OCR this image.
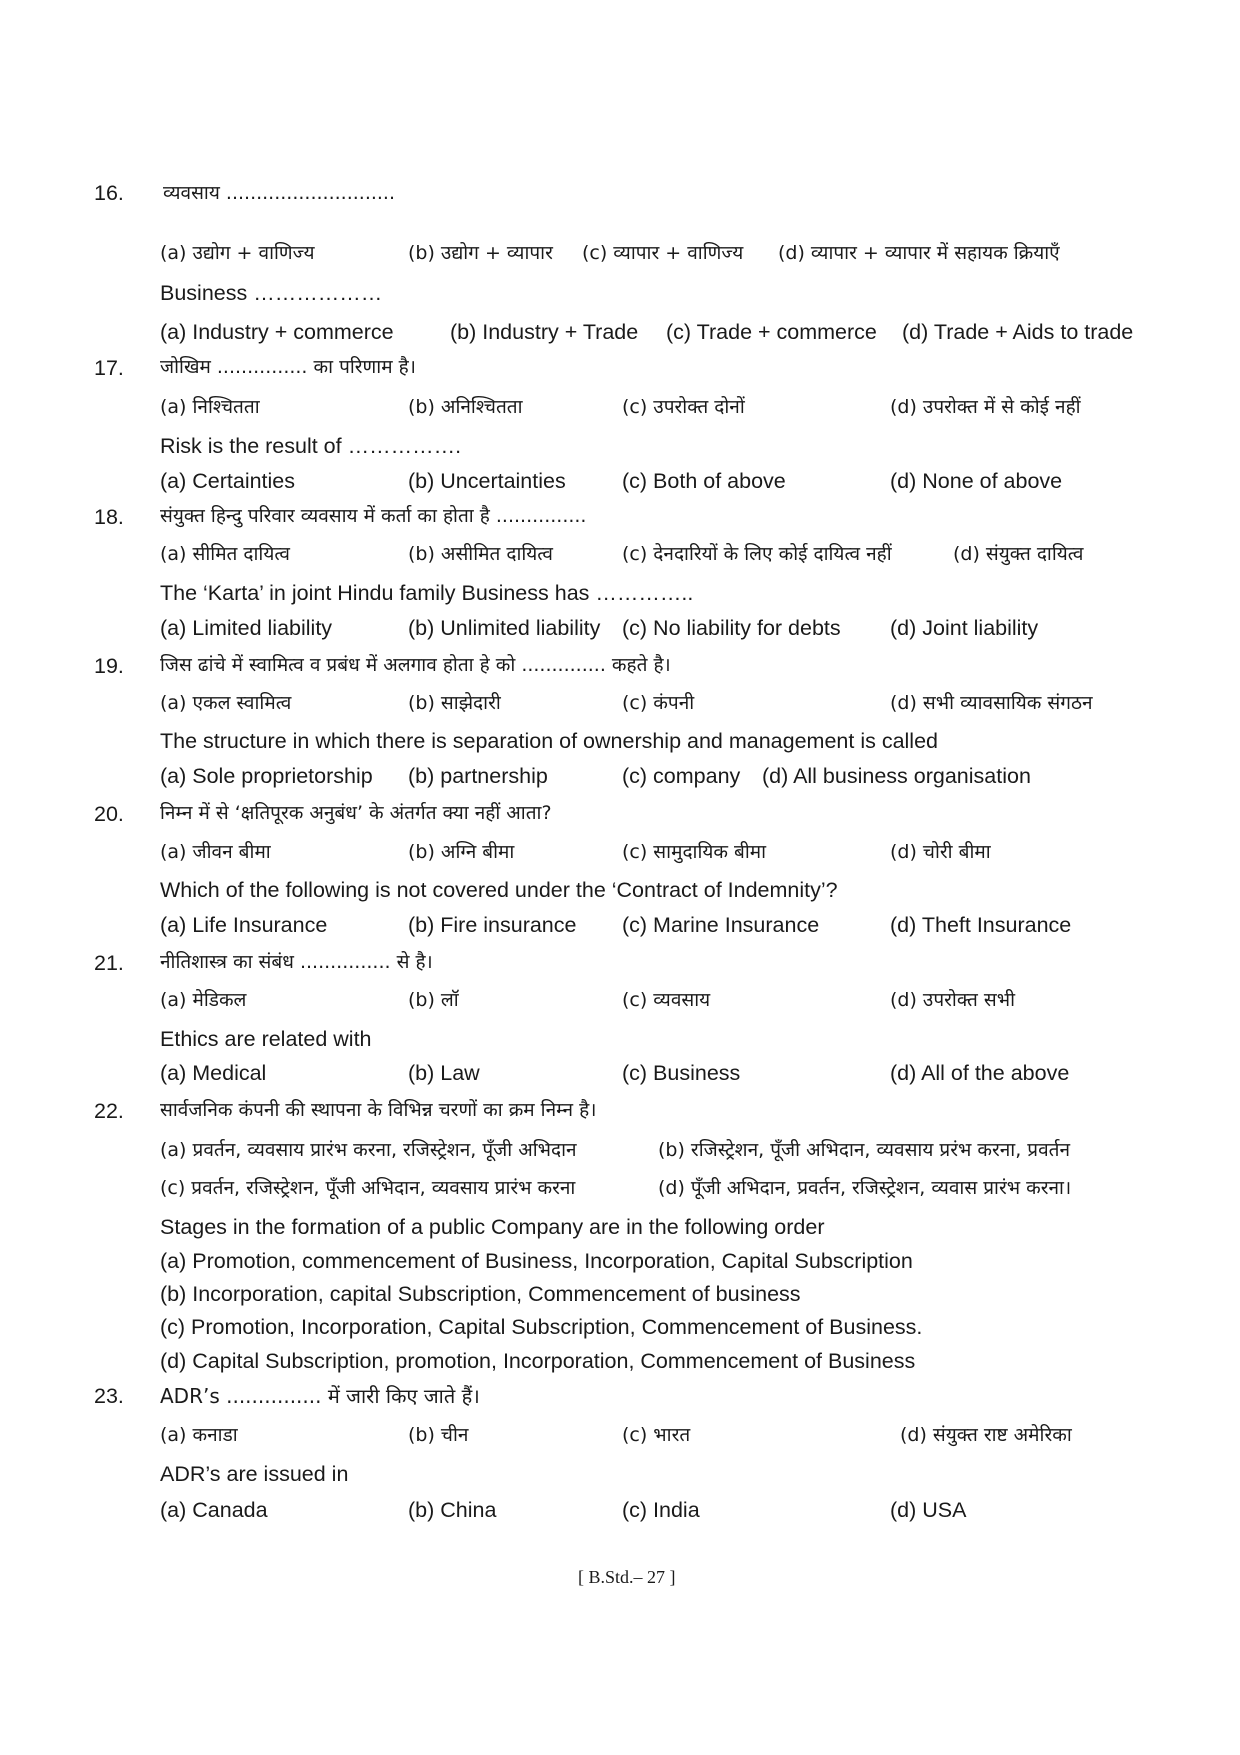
16. व्यवसाय ............................
(a) उद्योग + वाणिज्य	(b) उद्योग + व्यापार (c) व्यापार + वाणिज्य (d) व्यापार + व्यापार में सहायक क्रियाएँ
Business ………………
(a) Industry + commerce	(b) Industry + Trade (c) Trade + commerce (d) Trade + Aids to trade
17. जोखिम ............... का परिणाम है।
(a) निश्चितता	(b) अनिश्चितता	(c) उपरोक्त दोनों	(d) उपरोक्त में से कोई नहीं
Risk is the result of …………….
(a) Certainties	(b) Uncertainties	(c) Both of above	(d) None of above
18. संयुक्त हिन्दु परिवार व्यवसाय में कर्ता का होता है ...............
(a) सीमित दायित्व	(b) असीमित दायित्व	(c) देनदारियों के लिए कोई दायित्व नहीं	(d) संयुक्त दायित्व
The ‘Karta’ in joint Hindu family Business has …………..
(a) Limited liability	(b) Unlimited liability (c) No liability for debts (d) Joint liability
19. जिस ढांचे में स्वामित्व व प्रबंध में अलगाव होता हे को .............. कहते है।
(a) एकल स्वामित्व	(b) साझेदारी	(c) कंपनी	(d) सभी व्यावसायिक संगठन
The structure in which there is separation of ownership and management is called
(a) Sole proprietorship (b) partnership	(c) company (d) All business organisation
20. निम्न में से ‘क्षतिपूरक अनुबंध’ के अंतर्गत क्या नहीं आता?
(a) जीवन बीमा	(b) अग्नि बीमा	(c) सामुदायिक बीमा	(d) चोरी बीमा
Which of the following is not covered under the ‘Contract of Indemnity’?
(a) Life Insurance	(b) Fire insurance (c) Marine Insurance	(d) Theft Insurance
21. नीतिशास्त्र का संबंध ............... से है।
(a) मेडिकल	(b) लॉ	(c) व्यवसाय	(d) उपरोक्त सभी
Ethics are related with
(a) Medical	(b) Law	(c) Business	(d) All of the above
22. सार्वजनिक कंपनी की स्थापना के विभिन्न चरणों का क्रम निम्न है।
(a) प्रवर्तन, व्यवसाय प्रारंभ करना, रजिस्ट्रेशन, पूँजी अभिदान	(b) रजिस्ट्रेशन, पूँजी अभिदान, व्यवसाय प्ररंभ करना, प्रवर्तन
(c) प्रवर्तन, रजिस्ट्रेशन, पूँजी अभिदान, व्यवसाय प्रारंभ करना	(d) पूँजी अभिदान, प्रवर्तन, रजिस्ट्रेशन, व्यवास प्रारंभ करना।
Stages in the formation of a public Company are in the following order
(a) Promotion, commencement of Business, Incorporation, Capital Subscription
(b) Incorporation, capital Subscription, Commencement of business
(c) Promotion, Incorporation, Capital Subscription, Commencement of Business.
(d) Capital Subscription, promotion, Incorporation, Commencement of Business
23. ADR’s ............... में जारी किए जाते हैं।
(a) कनाडा	(b) चीन	(c) भारत	(d) संयुक्त राष्ट अमेरिका
ADR’s are issued in
(a) Canada	(b) China	(c) India	(d) USA
[ B.Std.– 27 ]
